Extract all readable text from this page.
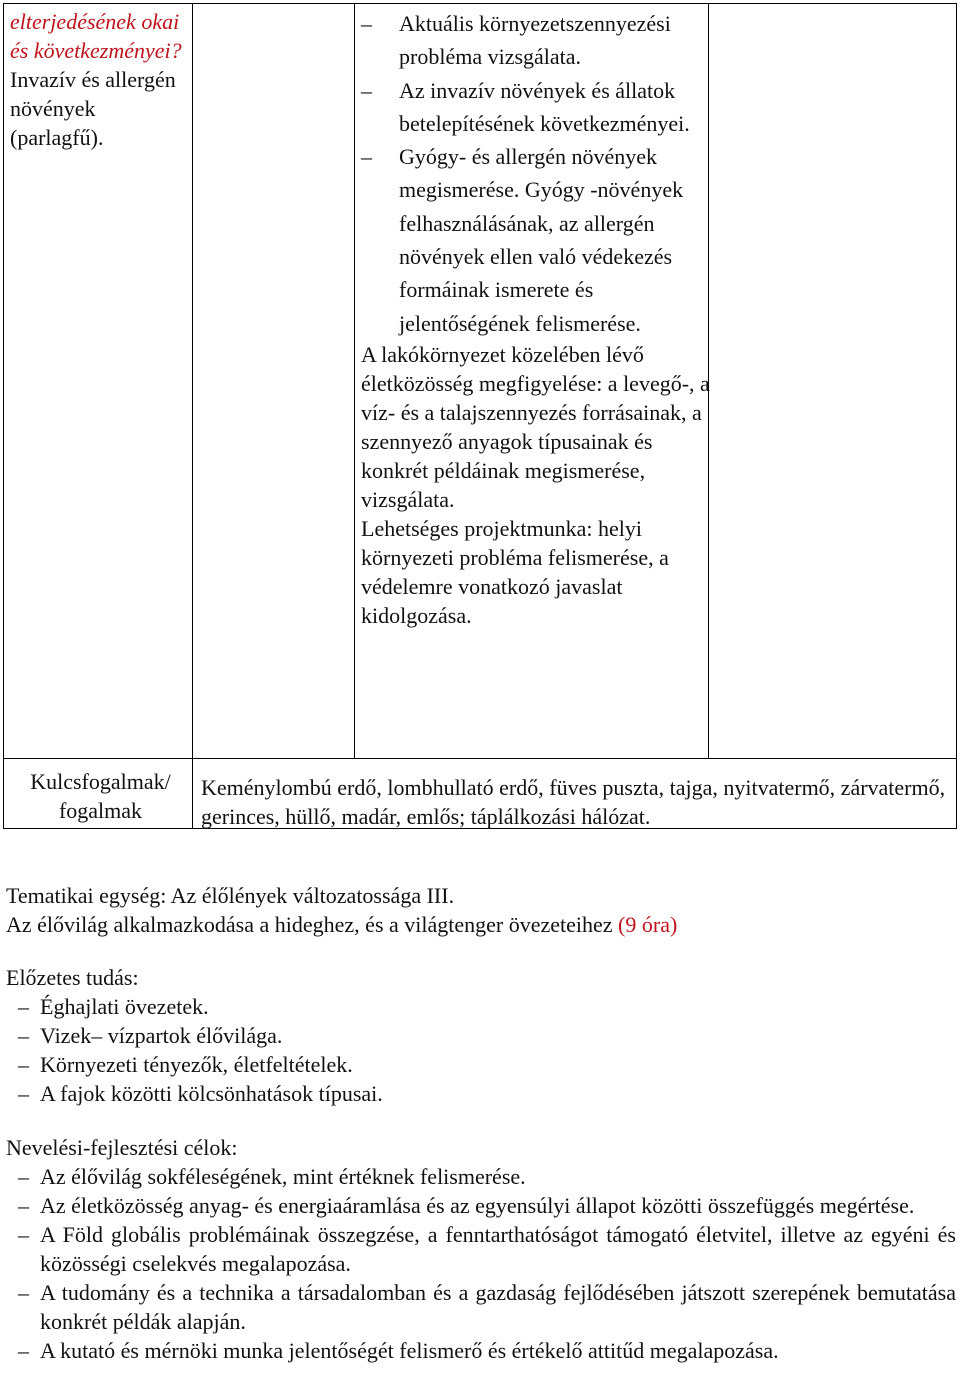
elterjedésének okai és következményei?
Invazív és allergén növények (parlagfű).
– Aktuális környezetszennyezési probléma vizsgálata.
– Az invazív növények és állatok betelepítésének következményei.
– Gyógy- és allergén növények megismerése. Gyógy -növények felhasználásának, az allergén növények ellen való védekezés formáinak ismerete és jelentőségének felismerése.
A lakókörnyezet közelében lévő életközösség megfigyelése: a levegő-, a víz- és a talajszennyezés forrásainak, a szennyező anyagok típusainak és konkrét példáinak megismerése, vizsgálata.
Lehetséges projektmunka: helyi környezeti probléma felismerése, a védelemre vonatkozó javaslat kidolgozása.
Kulcsfogalmak/
fogalmak
Keménylombú erdő, lombhullató erdő, füves puszta, tajga, nyitvatermő, zárvatermő, gerinces, hüllő, madár, emlős; táplálkozási hálózat.
Tematikai egység: Az élőlények változatossága III.
Az élővilág alkalmazkodása a hideghez, és a világtenger övezeteihez (9 óra)
Előzetes tudás:
– Éghajlati övezetek.
– Vizek– vízpartok élővilága.
– Környezeti tényezők, életfeltételek.
– A fajok közötti kölcsönhatások típusai.
Nevelési-fejlesztési célok:
– Az élővilág sokféleségének, mint értéknek felismerése.
– Az életközösség anyag- és energiaáramlása és az egyensúlyi állapot közötti összefüggés megértése.
– A Föld globális problémáinak összegzése, a fenntarthatóságot támogató életvitel, illetve az egyéni és közösségi cselekvés megalapozása.
– A tudomány és a technika a társadalomban és a gazdaság fejlődésében játszott szerepének bemutatása konkrét példák alapján.
– A kutató és mérnöki munka jelentőségét felismerő és értékelő attitűd megalapozása.
